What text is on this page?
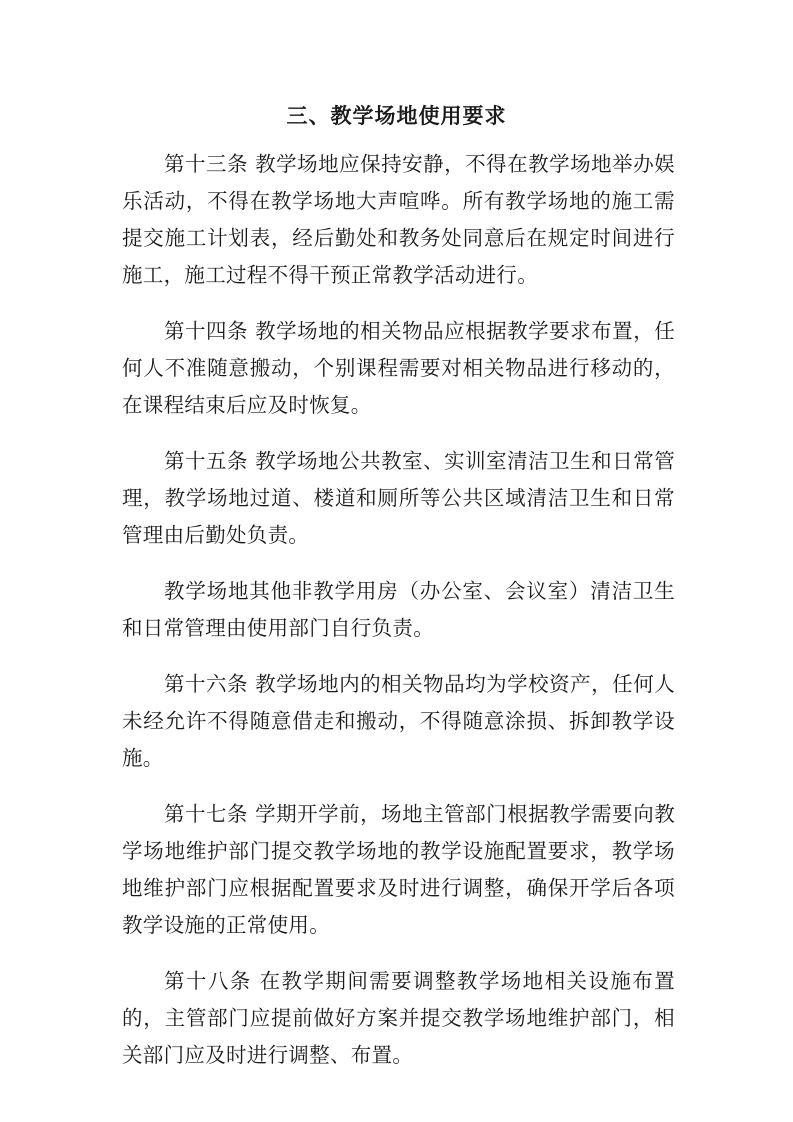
三、教学场地使用要求

第十三条 教学场地应保持安静，不得在教学场地举办娱乐活动，不得在教学场地大声喧哗。所有教学场地的施工需提交施工计划表，经后勤处和教务处同意后在规定时间进行施工，施工过程不得干预正常教学活动进行。

第十四条 教学场地的相关物品应根据教学要求布置，任何人不准随意搬动，个别课程需要对相关物品进行移动的，在课程结束后应及时恢复。

第十五条 教学场地公共教室、实训室清洁卫生和日常管理，教学场地过道、楼道和厕所等公共区域清洁卫生和日常管理由后勤处负责。

教学场地其他非教学用房（办公室、会议室）清洁卫生和日常管理由使用部门自行负责。

第十六条 教学场地内的相关物品均为学校资产，任何人未经允许不得随意借走和搬动，不得随意涂损、拆卸教学设施。

第十七条 学期开学前，场地主管部门根据教学需要向教学场地维护部门提交教学场地的教学设施配置要求，教学场地维护部门应根据配置要求及时进行调整，确保开学后各项教学设施的正常使用。

第十八条 在教学期间需要调整教学场地相关设施布置的，主管部门应提前做好方案并提交教学场地维护部门，相关部门应及时进行调整、布置。
